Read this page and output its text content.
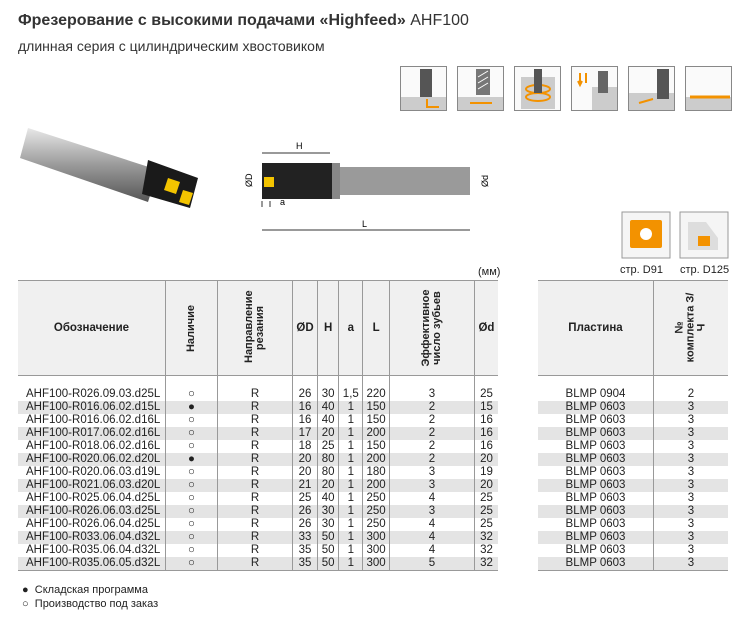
Фрезерование с высокими подачами «Highfeed» AHF100
длинная серия с цилиндрическим хвостовиком
H
ØD	Ød
a
L
стр. D91 стр. D125
(мм)
Обозначение	Наличие	Направление резания	ØD	H	a	L	Эффективное число зубьев	Ød

AHF100-R026.09.03.d25L	○	R	26	30	1,5	220	3	25
AHF100-R016.06.02.d15L	●	R	16	40	1	150	2	15
AHF100-R016.06.02.d16L	○	R	16	40	1	150	2	16
AHF100-R017.06.02.d16L	○	R	17	20	1	200	2	16
AHF100-R018.06.02.d16L	○	R	18	25	1	150	2	16
AHF100-R020.06.02.d20L	●	R	20	80	1	200	2	20
AHF100-R020.06.03.d19L	○	R	20	80	1	180	3	19
AHF100-R021.06.03.d20L	○	R	21	20	1	200	3	20
AHF100-R025.06.04.d25L	○	R	25	40	1	250	4	25
AHF100-R026.06.03.d25L	○	R	26	30	1	250	3	25
AHF100-R026.06.04.d25L	○	R	26	30	1	250	4	25
AHF100-R033.06.04.d32L	○	R	33	50	1	300	4	32
AHF100-R035.06.04.d32L	○	R	35	50	1	300	4	32
AHF100-R035.06.05.d32L	○	R	35	50	1	300	5	32
Пластина	№ комплекта З/Ч

BLMP 0904	2
BLMP 0603	3
BLMP 0603	3
BLMP 0603	3
BLMP 0603	3
BLMP 0603	3
BLMP 0603	3
BLMP 0603	3
BLMP 0603	3
BLMP 0603	3
BLMP 0603	3
BLMP 0603	3
BLMP 0603	3
BLMP 0603	3
● Складская программа
○ Производство под заказ
